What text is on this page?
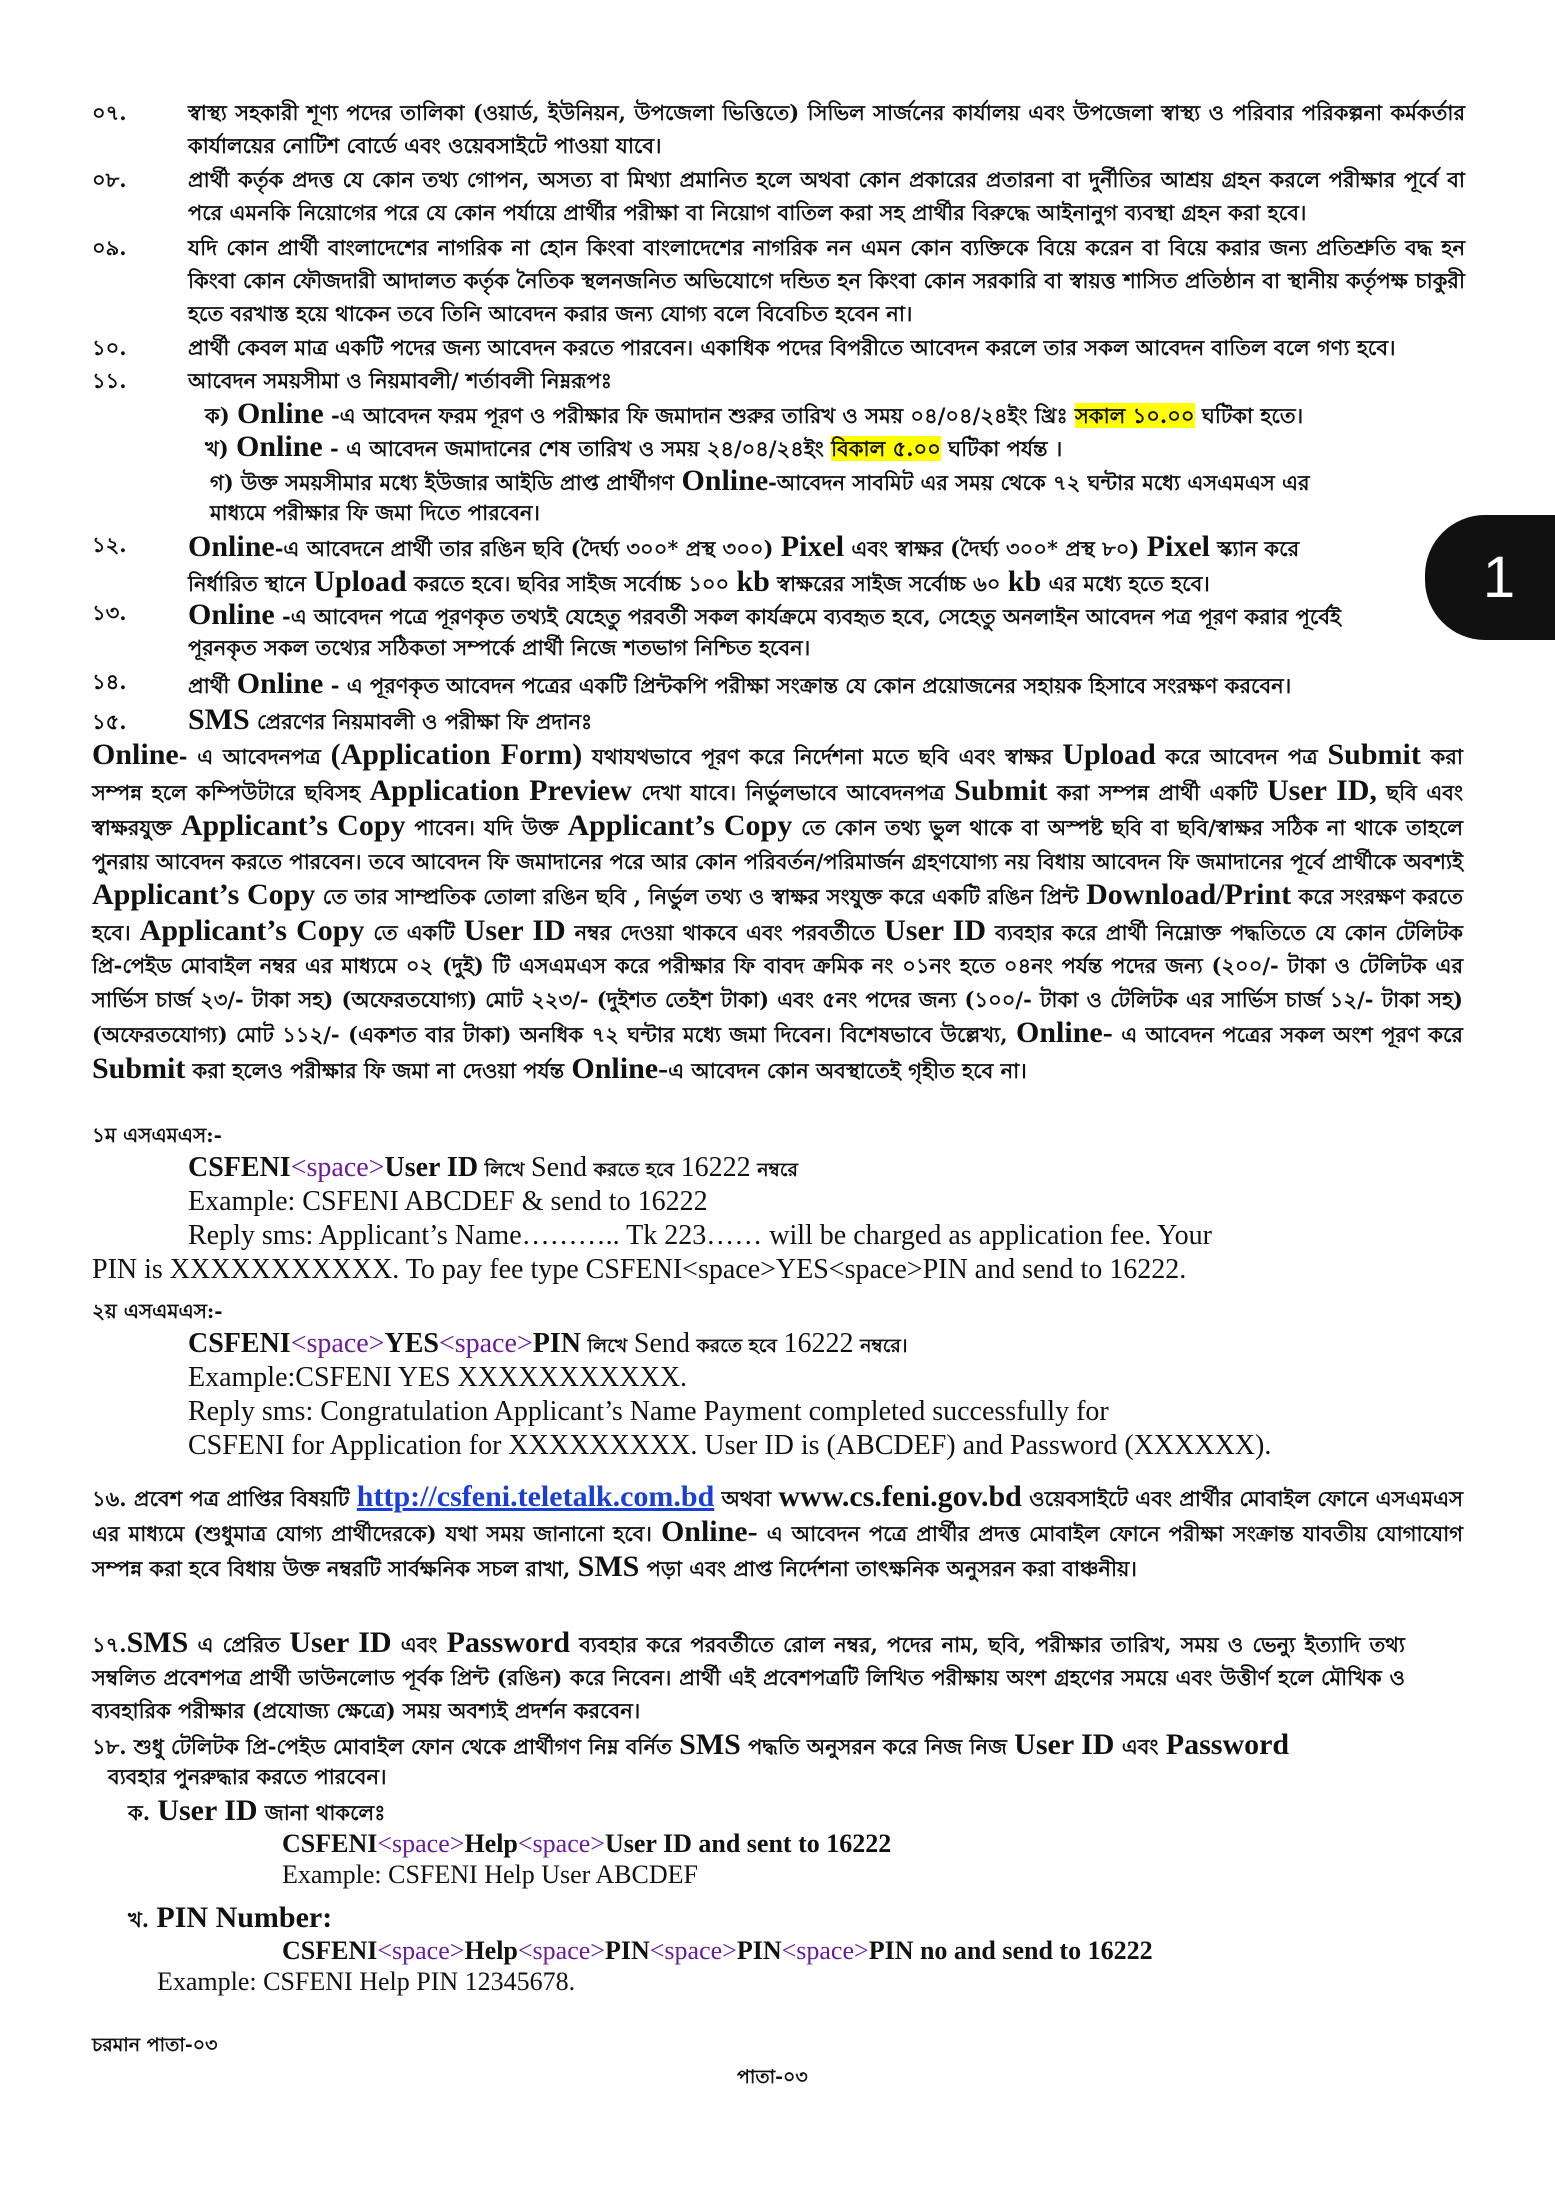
1
০৭.	স্বাস্থ্য সহকারী শূণ্য পদের তালিকা (ওয়ার্ড, ইউনিয়ন, উপজেলা ভিত্তিতে) সিভিল সার্জনের কার্যালয় এবং উপজেলা স্বাস্থ্য ও পরিবার পরিকল্পনা কর্মকর্তার কার্যালয়ের নোটিশ বোর্ডে এবং ওয়েবসাইটে পাওয়া যাবে।
০৮.	প্রার্থী কর্তৃক প্রদত্ত যে কোন তথ্য গোপন, অসত্য বা মিথ্যা প্রমানিত হলে অথবা কোন প্রকারের প্রতারনা বা দুর্নীতির আশ্রয় গ্রহন করলে পরীক্ষার পূর্বে বা পরে এমনকি নিয়োগের পরে যে কোন পর্যায়ে প্রার্থীর পরীক্ষা বা নিয়োগ বাতিল করা সহ প্রার্থীর বিরুদ্ধে আইনানুগ ব্যবস্থা গ্রহন করা হবে।
০৯.	যদি কোন প্রার্থী বাংলাদেশের নাগরিক না হোন কিংবা বাংলাদেশের নাগরিক নন এমন কোন ব্যক্তিকে বিয়ে করেন বা বিয়ে করার জন্য প্রতিশ্রুতি বদ্ধ হন কিংবা কোন ফৌজদারী আদালত কর্তৃক নৈতিক স্থলনজনিত অভিযোগে দন্ডিত হন কিংবা কোন সরকারি বা স্বায়ত্ত শাসিত প্রতিষ্ঠান বা স্থানীয় কর্তৃপক্ষ চাকুরী হতে বরখাস্ত হয়ে থাকেন তবে তিনি আবেদন করার জন্য যোগ্য বলে বিবেচিত হবেন না।
১০.	প্রার্থী কেবল মাত্র একটি পদের জন্য আবেদন করতে পারবেন। একাধিক পদের বিপরীতে আবেদন করলে তার সকল আবেদন বাতিল বলে গণ্য হবে।
১১.	আবেদন সময়সীমা ও নিয়মাবলী/ শর্তাবলী নিম্নরূপঃ
ক) Online -এ আবেদন ফরম পূরণ ও পরীক্ষার ফি জমাদান শুরুর তারিখ ও সময় ০৪/০৪/২৪ইং খ্রিঃ সকাল ১০.০০ ঘটিকা হতে।
খ) Online - এ আবেদন জমাদানের শেষ তারিখ ও সময় ২৪/০৪/২৪ইং বিকাল ৫.০০ ঘটিকা পর্যন্ত ।
গ) উক্ত সময়সীমার মধ্যে ইউজার আইডি প্রাপ্ত প্রার্থীগণ Online-আবেদন সাবমিট এর সময় থেকে ৭২ ঘন্টার মধ্যে এসএমএস এর
মাধ্যমে পরীক্ষার ফি জমা দিতে পারবেন।
১২. Online-এ আবেদনে প্রার্থী তার রঙিন ছবি (দৈর্ঘ্য ৩০০* প্রস্থ ৩০০) Pixel এবং স্বাক্ষর (দৈর্ঘ্য ৩০০* প্রস্থ ৮০) Pixel স্ক্যান করে
নির্ধারিত স্থানে Upload করতে হবে। ছবির সাইজ সর্বোচ্চ ১০০ kb স্বাক্ষরের সাইজ সর্বোচ্চ ৬০ kb এর মধ্যে হতে হবে।
১৩. Online -এ আবেদন পত্রে পূরণকৃত তথ্যই যেহেতু পরবর্তী সকল কার্যক্রমে ব্যবহৃত হবে, সেহেতু অনলাইন আবেদন পত্র পূরণ করার পূর্বেই
পূরনকৃত সকল তথ্যের সঠিকতা সম্পর্কে প্রার্থী নিজে শতভাগ নিশ্চিত হবেন।
১৪.	প্রার্থী Online - এ পূরণকৃত আবেদন পত্রের একটি প্রিন্টকপি পরীক্ষা সংক্রান্ত যে কোন প্রয়োজনের সহায়ক হিসাবে সংরক্ষণ করবেন।
১৫. SMS প্রেরণের নিয়মাবলী ও পরীক্ষা ফি প্রদানঃ
Online- এ আবেদনপত্র (Application Form) যথাযথভাবে পূরণ করে নির্দেশনা মতে ছবি এবং স্বাক্ষর Upload করে আবেদন পত্র Submit করা সম্পন্ন হলে কম্পিউটারে ছবিসহ Application Preview দেখা যাবে। নির্ভুলভাবে আবেদনপত্র Submit করা সম্পন্ন প্রার্থী একটি User ID, ছবি এবং স্বাক্ষরযুক্ত Applicant’s Copy পাবেন। যদি উক্ত Applicant’s Copy তে কোন তথ্য ভুল থাকে বা অস্পষ্ট ছবি বা ছবি/স্বাক্ষর সঠিক না থাকে তাহলে পুনরায় আবেদন করতে পারবেন। তবে আবেদন ফি জমাদানের পরে আর কোন পরিবর্তন/পরিমার্জন গ্রহণযোগ্য নয় বিধায় আবেদন ফি জমাদানের পূর্বে প্রার্থীকে অবশ্যই Applicant’s Copy তে তার সাম্প্রতিক তোলা রঙিন ছবি , নির্ভুল তথ্য ও স্বাক্ষর সংযুক্ত করে একটি রঙিন প্রিন্ট Download/Print করে সংরক্ষণ করতে হবে। Applicant’s Copy তে একটি User ID নম্বর দেওয়া থাকবে এবং পরবর্তীতে User ID ব্যবহার করে প্রার্থী নিম্নোক্ত পদ্ধতিতে যে কোন টেলিটক প্রি-পেইড মোবাইল নম্বর এর মাধ্যমে ০২ (দুই) টি এসএমএস করে পরীক্ষার ফি বাবদ ক্রমিক নং ০১নং হতে ০৪নং পর্যন্ত পদের জন্য (২০০/- টাকা ও টেলিটক এর সার্ভিস চার্জ ২৩/- টাকা সহ) (অফেরতযোগ্য) মোট ২২৩/- (দুইশত তেইশ টাকা) এবং ৫নং পদের জন্য (১০০/- টাকা ও টেলিটক এর সার্ভিস চার্জ ১২/- টাকা সহ) (অফেরতযোগ্য) মোট ১১২/- (একশত বার টাকা) অনধিক ৭২ ঘন্টার মধ্যে জমা দিবেন। বিশেষভাবে উল্লেখ্য, Online- এ আবেদন পত্রের সকল অংশ পূরণ করে Submit করা হলেও পরীক্ষার ফি জমা না দেওয়া পর্যন্ত Online-এ আবেদন কোন অবস্থাতেই গৃহীত হবে না।
১ম এসএমএস:-
CSFENI<space>User ID লিখে Send করতে হবে 16222 নম্বরে
Example: CSFENI ABCDEF & send to 16222
Reply sms: Applicant’s Name……….. Tk 223…… will be charged as application fee. Your
PIN is XXXXXXXXXXX. To pay fee type CSFENI<space>YES<space>PIN and send to 16222.
২য় এসএমএস:-
CSFENI<space>YES<space>PIN লিখে Send করতে হবে 16222 নম্বরে।
Example:CSFENI YES XXXXXXXXXXX.
Reply sms: Congratulation Applicant’s Name Payment completed successfully for
CSFENI for Application for XXXXXXXXX. User ID is (ABCDEF) and Password (XXXXXX).
১৬. প্রবেশ পত্র প্রাপ্তির বিষয়টি http://csfeni.teletalk.com.bd অথবা www.cs.feni.gov.bd ওয়েবসাইটে এবং প্রার্থীর মোবাইল ফোনে এসএমএস এর মাধ্যমে (শুধুমাত্র যোগ্য প্রার্থীদেরকে) যথা সময় জানানো হবে। Online- এ আবেদন পত্রে প্রার্থীর প্রদত্ত মোবাইল ফোনে পরীক্ষা সংক্রান্ত যাবতীয় যোগাযোগ সম্পন্ন করা হবে বিধায় উক্ত নম্বরটি সার্বক্ষনিক সচল রাখা, SMS পড়া এবং প্রাপ্ত নির্দেশনা তাৎক্ষনিক অনুসরন করা বাঞ্চনীয়।
১৭.SMS এ প্রেরিত User ID এবং Password ব্যবহার করে পরবর্তীতে রোল নম্বর, পদের নাম, ছবি, পরীক্ষার তারিখ, সময় ও ভেন্যু ইত্যাদি তথ্য সম্বলিত প্রবেশপত্র প্রার্থী ডাউনলোড পূর্বক প্রিন্ট (রঙিন) করে নিবেন। প্রার্থী এই প্রবেশপত্রটি লিখিত পরীক্ষায় অংশ গ্রহণের সময়ে এবং উত্তীর্ণ হলে মৌখিক ও ব্যবহারিক পরীক্ষার (প্রযোজ্য ক্ষেত্রে) সময় অবশ্যই প্রদর্শন করবেন।
১৮. শুধু টেলিটক প্রি-পেইড মোবাইল ফোন থেকে প্রার্থীগণ নিম্ন বর্নিত SMS পদ্ধতি অনুসরন করে নিজ নিজ User ID এবং Password
ব্যবহার পুনরুদ্ধার করতে পারবেন।
ক. User ID জানা থাকলেঃ
CSFENI<space>Help<space>User ID and sent to 16222
Example: CSFENI Help User ABCDEF
খ. PIN Number:
CSFENI<space>Help<space>PIN<space>PIN<space>PIN no and send to 16222
Example: CSFENI Help PIN 12345678.
চরমান পাতা-০৩
পাতা-০৩
